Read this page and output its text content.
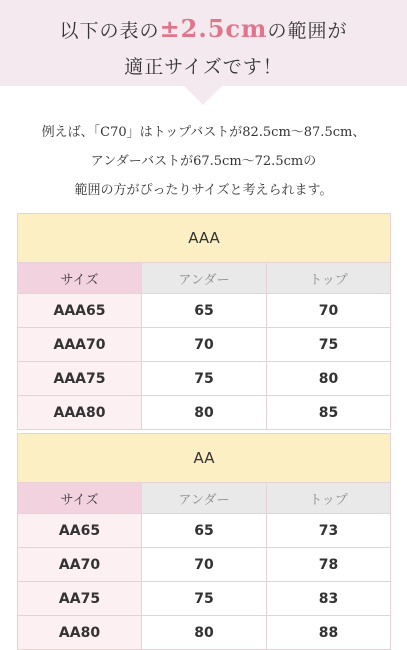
以下の表の±2.5cmの範囲が
適正サイズです！
例えば、「C70」はトップバストが82.5cm～87.5cm、
アンダーバストが67.5cm～72.5cmの
範囲の方がぴったりサイズと考えられます。
AAA		
サイズ	アンダー	トップ
AAA65	65	70
AAA70	70	75
AAA75	75	80
AAA80	80	85
AA		
サイズ	アンダー	トップ
AA65	65	73
AA70	70	78
AA75	75	83
AA80	80	88
